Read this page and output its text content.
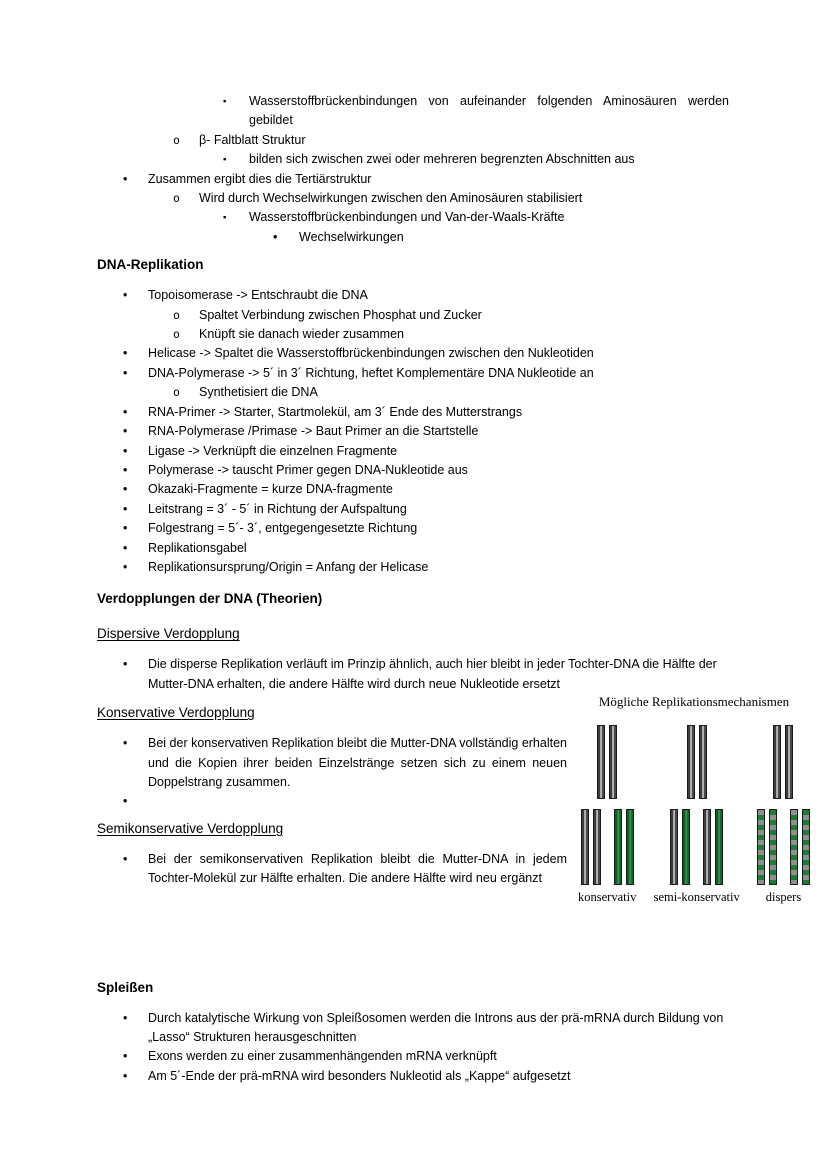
▪ Wasserstoffbrückenbindungen von aufeinander folgenden Aminosäuren werden gebildet
o β- Faltblatt Struktur
▪ bilden sich zwischen zwei oder mehreren begrenzten Abschnitten aus
• Zusammen ergibt dies die Tertiärstruktur
o Wird durch Wechselwirkungen zwischen den Aminosäuren stabilisiert
▪ Wasserstoffbrückenbindungen und Van-der-Waals-Kräfte
• Wechselwirkungen
DNA-Replikation
• Topoisomerase -> Entschraubt die DNA
o Spaltet Verbindung zwischen Phosphat und Zucker
o Knüpft sie danach wieder zusammen
• Helicase -> Spaltet die Wasserstoffbrückenbindungen zwischen den Nukleotiden
• DNA-Polymerase -> 5´ in 3´ Richtung, heftet Komplementäre DNA Nukleotide an
o Synthetisiert die DNA
• RNA-Primer -> Starter, Startmolekül, am 3´ Ende des Mutterstrangs
• RNA-Polymerase /Primase -> Baut Primer an die Startstelle
• Ligase -> Verknüpft die einzelnen Fragmente
• Polymerase -> tauscht Primer gegen DNA-Nukleotide aus
• Okazaki-Fragmente = kurze DNA-fragmente
• Leitstrang = 3´ - 5´ in Richtung der Aufspaltung
• Folgestrang = 5´- 3´, entgegengesetzte Richtung
• Replikationsgabel
• Replikationsursprung/Origin = Anfang der Helicase
Verdopplungen der DNA (Theorien)
Dispersive Verdopplung
• Die disperse Replikation verläuft im Prinzip ähnlich, auch hier bleibt in jeder Tochter-DNA die Hälfte der Mutter-DNA erhalten, die andere Hälfte wird durch neue Nukleotide ersetzt
Konservative Verdopplung
• Bei der konservativen Replikation bleibt die Mutter-DNA vollständig erhalten und die Kopien ihrer beiden Einzelstränge setzen sich zu einem neuen Doppelstrang zusammen.
•
Semikonservative Verdopplung
• Bei der semikonservativen Replikation bleibt die Mutter-DNA in jedem Tochter-Molekül zur Hälfte erhalten. Die andere Hälfte wird neu ergänzt
Spleißen
• Durch katalytische Wirkung von Spleißosomen werden die Introns aus der prä-mRNA durch Bildung von „Lasso“ Strukturen herausgeschnitten
• Exons werden zu einer zusammenhängenden mRNA verknüpft
• Am 5´-Ende der prä-mRNA wird besonders Nukleotid als „Kappe“ aufgesetzt
Mögliche Replikationsmechanismen
konservativ semi-konservativ dispers
